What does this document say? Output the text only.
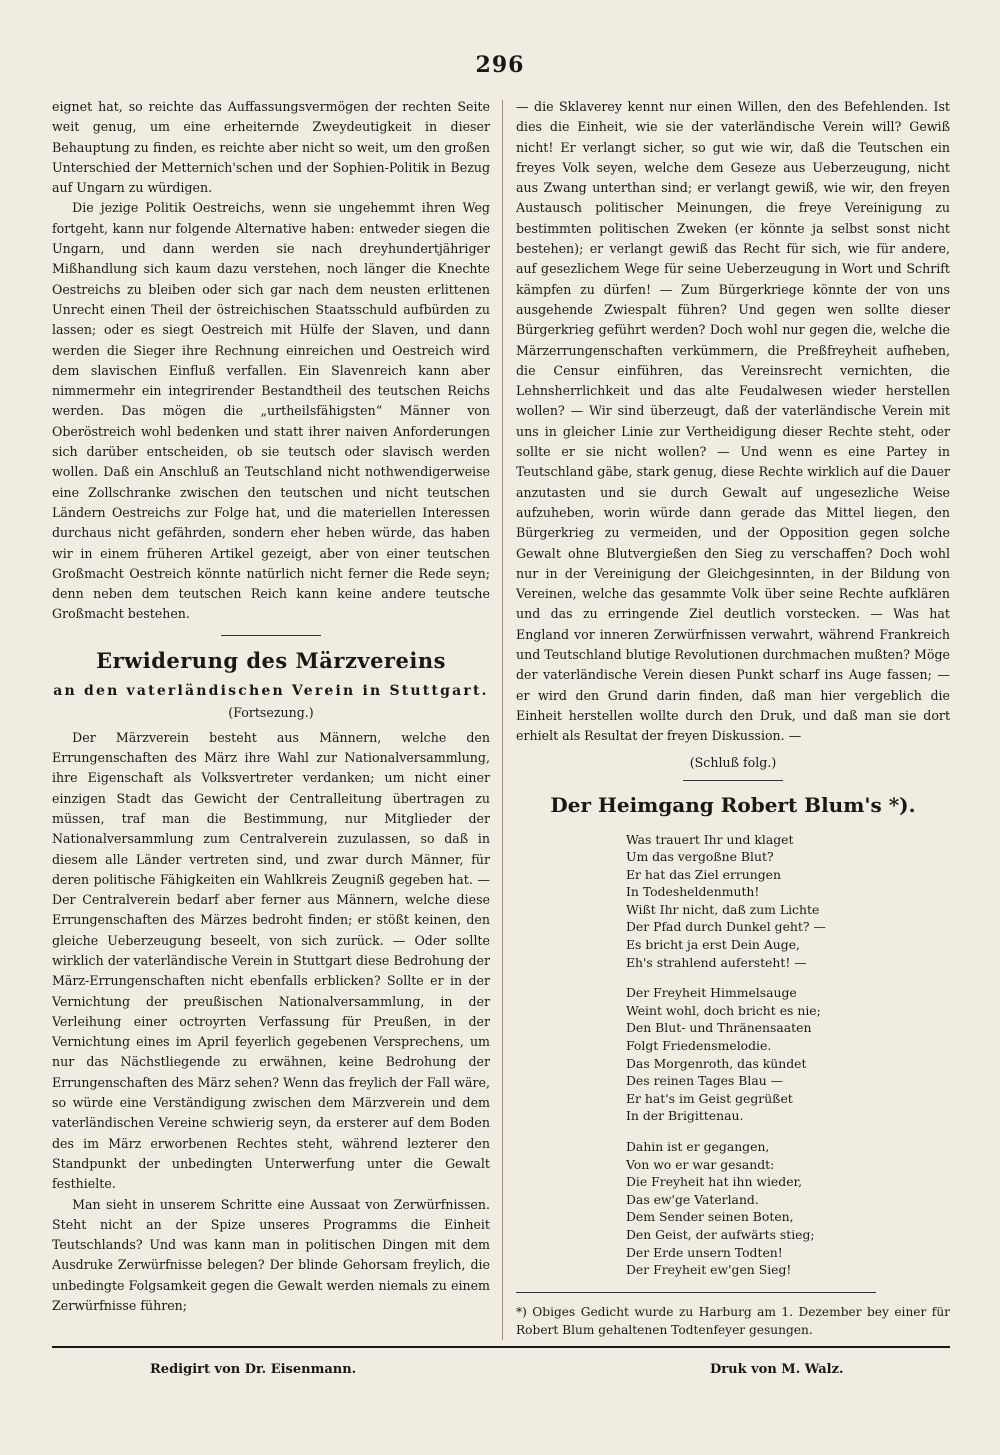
296

eignet hat, so reichte das Auffassungsvermögen der rechten Seite weit genug, um eine erheiternde Zweydeutigkeit in dieser Behauptung zu finden, es reichte aber nicht so weit, um den großen Unterschied der Metternich'schen und der Sophien-Politik in Bezug auf Ungarn zu würdigen.

Die jezige Politik Oestreichs, wenn sie ungehemmt ihren Weg fortgeht, kann nur folgende Alternative haben: entweder siegen die Ungarn, und dann werden sie nach dreyhundertjähriger Mißhandlung sich kaum dazu verstehen, noch länger die Knechte Oestreichs zu bleiben oder sich gar nach dem neusten erlittenen Unrecht einen Theil der östreichischen Staatsschuld aufbürden zu lassen; oder es siegt Oestreich mit Hülfe der Slaven, und dann werden die Sieger ihre Rechnung einreichen und Oestreich wird dem slavischen Einfluß verfallen. Ein Slavenreich kann aber nimmermehr ein integrirender Bestandtheil des teutschen Reichs werden. Das mögen die „urtheilsfähigsten“ Männer von Oberöstreich wohl bedenken und statt ihrer naiven Anforderungen sich darüber entscheiden, ob sie teutsch oder slavisch werden wollen. Daß ein Anschluß an Teutschland nicht nothwendigerweise eine Zollschranke zwischen den teutschen und nicht teutschen Ländern Oestreichs zur Folge hat, und die materiellen Interessen durchaus nicht gefährden, sondern eher heben würde, das haben wir in einem früheren Artikel gezeigt, aber von einer teutschen Großmacht Oestreich könnte natürlich nicht ferner die Rede seyn; denn neben dem teutschen Reich kann keine andere teutsche Großmacht bestehen.

Erwiderung des Märzvereins
an den vaterländischen Verein in Stuttgart.
(Fortsezung.)

Der Märzverein besteht aus Männern, welche den Errungenschaften des März ihre Wahl zur Nationalversammlung, ihre Eigenschaft als Volksvertreter verdanken; um nicht einer einzigen Stadt das Gewicht der Centralleitung übertragen zu müssen, traf man die Bestimmung, nur Mitglieder der Nationalversammlung zum Centralverein zuzulassen, so daß in diesem alle Länder vertreten sind, und zwar durch Männer, für deren politische Fähigkeiten ein Wahlkreis Zeugniß gegeben hat. — Der Centralverein bedarf aber ferner aus Männern, welche diese Errungenschaften des Märzes bedroht finden; er stößt keinen, den gleiche Ueberzeugung beseelt, von sich zurück. — Oder sollte wirklich der vaterländische Verein in Stuttgart diese Bedrohung der März-Errungenschaften nicht ebenfalls erblicken? Sollte er in der Vernichtung der preußischen Nationalversammlung, in der Verleihung einer octroyrten Verfassung für Preußen, in der Vernichtung eines im April feyerlich gegebenen Versprechens, um nur das Nächstliegende zu erwähnen, keine Bedrohung der Errungenschaften des März sehen? Wenn das freylich der Fall wäre, so würde eine Verständigung zwischen dem Märzverein und dem vaterländischen Vereine schwierig seyn, da ersterer auf dem Boden des im März erworbenen Rechtes steht, während lezterer den Standpunkt der unbedingten Unterwerfung unter die Gewalt festhielte.

Man sieht in unserem Schritte eine Aussaat von Zerwürfnissen. Steht nicht an der Spize unseres Programms die Einheit Teutschlands? Und was kann man in politischen Dingen mit dem Ausdruke Zerwürfnisse belegen? Der blinde Gehorsam freylich, die unbedingte Folgsamkeit gegen die Gewalt werden niemals zu einem Zerwürfnisse führen;

— die Sklaverey kennt nur einen Willen, den des Befehlenden. Ist dies die Einheit, wie sie der vaterländische Verein will? Gewiß nicht! Er verlangt sicher, so gut wie wir, daß die Teutschen ein freyes Volk seyen, welche dem Geseze aus Ueberzeugung, nicht aus Zwang unterthan sind; er verlangt gewiß, wie wir, den freyen Austausch politischer Meinungen, die freye Vereinigung zu bestimmten politischen Zweken (er könnte ja selbst sonst nicht bestehen); er verlangt gewiß das Recht für sich, wie für andere, auf gesezlichem Wege für seine Ueberzeugung in Wort und Schrift kämpfen zu dürfen! — Zum Bürgerkriege könnte der von uns ausgehende Zwiespalt führen? Und gegen wen sollte dieser Bürgerkrieg geführt werden? Doch wohl nur gegen die, welche die Märzerrungenschaften verkümmern, die Preßfreyheit aufheben, die Censur einführen, das Vereinsrecht vernichten, die Lehnsherrlichkeit und das alte Feudalwesen wieder herstellen wollen? — Wir sind überzeugt, daß der vaterländische Verein mit uns in gleicher Linie zur Vertheidigung dieser Rechte steht, oder sollte er sie nicht wollen? — Und wenn es eine Partey in Teutschland gäbe, stark genug, diese Rechte wirklich auf die Dauer anzutasten und sie durch Gewalt auf ungesezliche Weise aufzuheben, worin würde dann gerade das Mittel liegen, den Bürgerkrieg zu vermeiden, und der Opposition gegen solche Gewalt ohne Blutvergießen den Sieg zu verschaffen? Doch wohl nur in der Vereinigung der Gleichgesinnten, in der Bildung von Vereinen, welche das gesammte Volk über seine Rechte aufklären und das zu erringende Ziel deutlich vorstecken. — Was hat England vor inneren Zerwürfnissen verwahrt, während Frankreich und Teutschland blutige Revolutionen durchmachen mußten? Möge der vaterländische Verein diesen Punkt scharf ins Auge fassen; — er wird den Grund darin finden, daß man hier vergeblich die Einheit herstellen wollte durch den Druk, und daß man sie dort erhielt als Resultat der freyen Diskussion. —

(Schluß folg.)
Der Heimgang Robert Blum's *).
Was trauert Ihr und klaget
Um das vergoßne Blut?
Er hat das Ziel errungen
In Todesheldenmuth!
Wißt Ihr nicht, daß zum Lichte
Der Pfad durch Dunkel geht? —
Es bricht ja erst Dein Auge,
Eh's strahlend aufersteht! —
Der Freyheit Himmelsauge
Weint wohl, doch bricht es nie;
Den Blut- und Thränensaaten
Folgt Friedensmelodie.
Das Morgenroth, das kündet
Des reinen Tages Blau —
Er hat's im Geist gegrüßet
In der Brigittenau.
Dahin ist er gegangen,
Von wo er war gesandt:
Die Freyheit hat ihn wieder,
Das ew'ge Vaterland.
Dem Sender seinen Boten,
Den Geist, der aufwärts stieg;
Der Erde unsern Todten!
Der Freyheit ew'gen Sieg!
*) Obiges Gedicht wurde zu Harburg am 1. Dezember bey einer für Robert Blum gehaltenen Todtenfeyer gesungen.
Redigirt von Dr. Eisenmann.	Druk von M. Walz.
